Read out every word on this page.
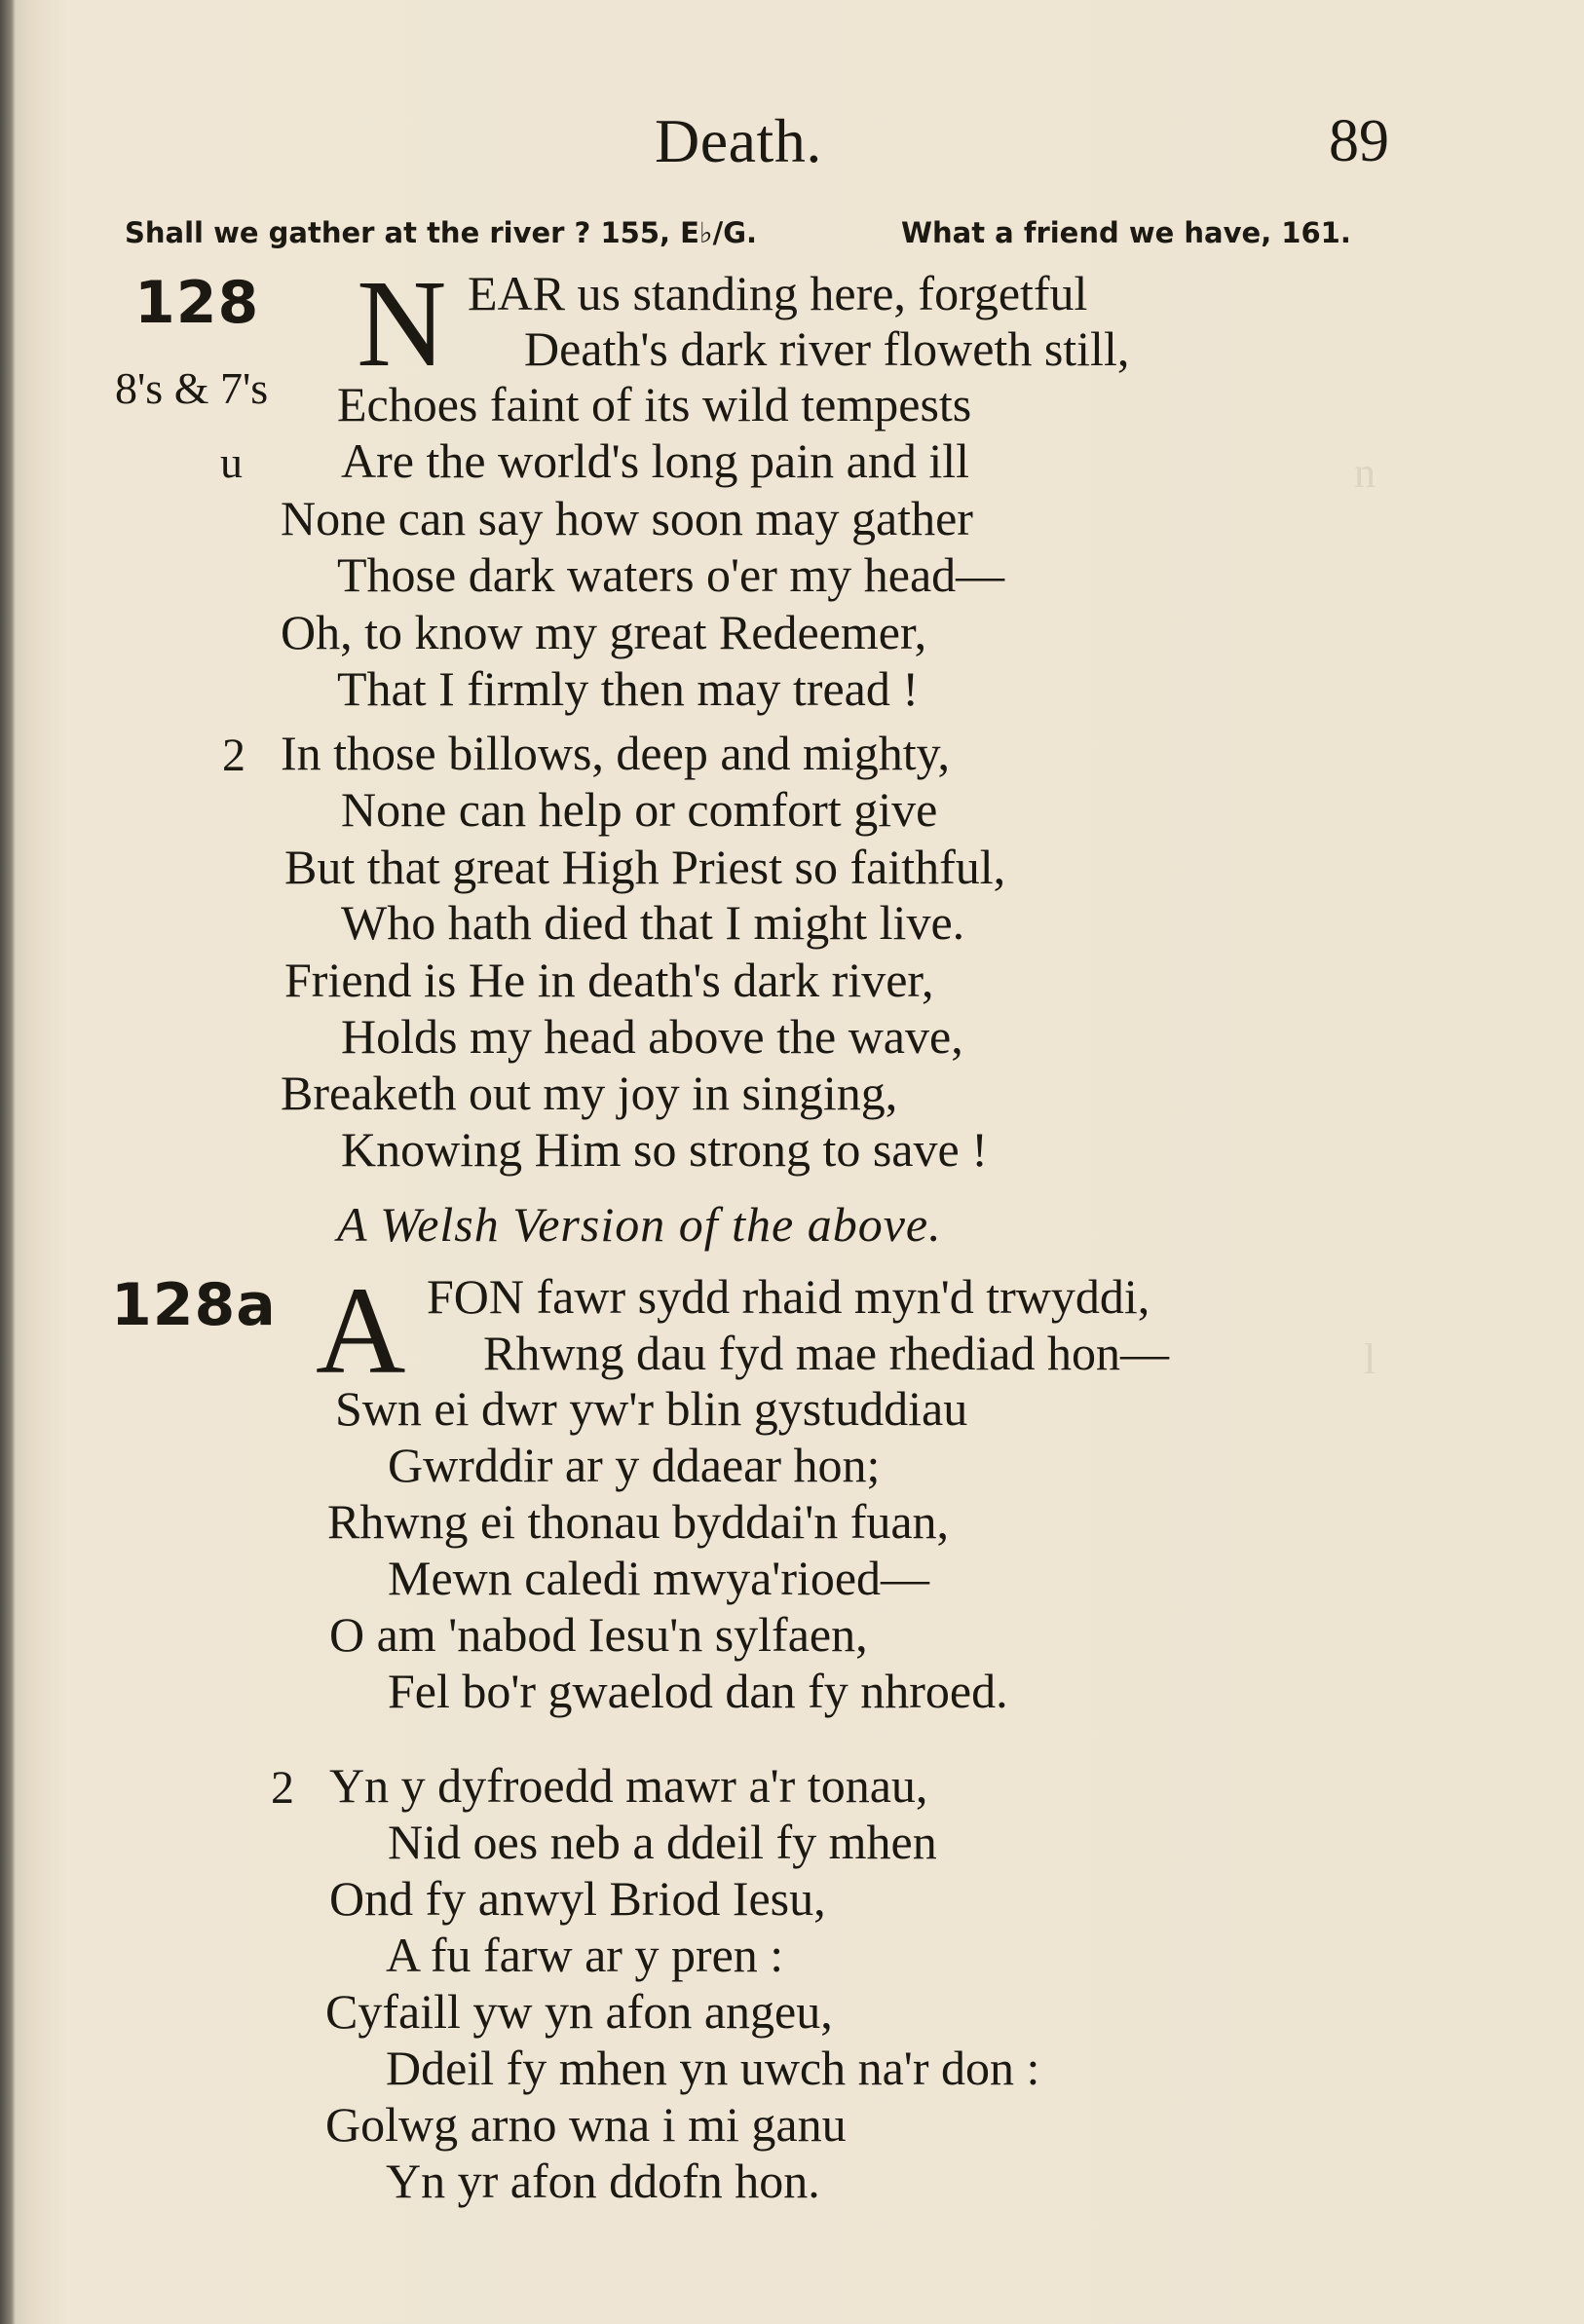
n
l
Death.	89
Shall we gather at the river ? 155, E♭/G.	What a friend we have, 161.
128
8's & 7's
u
N EAR us standing here, forgetful
Death's dark river floweth still,
Echoes faint of its wild tempests
Are the world's long pain and ill
None can say how soon may gather
Those dark waters o'er my head—
Oh, to know my great Redeemer,
That I firmly then may tread !
2 In those billows, deep and mighty,
None can help or comfort give
But that great High Priest so faithful,
Who hath died that I might live.
Friend is He in death's dark river,
Holds my head above the wave,
Breaketh out my joy in singing,
Knowing Him so strong to save !
A Welsh Version of the above.
128a A FON fawr sydd rhaid myn'd trwyddi,
Rhwng dau fyd mae rhediad hon—
Swn ei dwr yw'r blin gystuddiau
Gwrddir ar y ddaear hon;
Rhwng ei thonau byddai'n fuan,
Mewn caledi mwya'rioed—
O am 'nabod Iesu'n sylfaen,
Fel bo'r gwaelod dan fy nhroed.
2 Yn y dyfroedd mawr a'r tonau,
Nid oes neb a ddeil fy mhen
Ond fy anwyl Briod Iesu,
A fu farw ar y pren :
Cyfaill yw yn afon angeu,
Ddeil fy mhen yn uwch na'r don :
Golwg arno wna i mi ganu
Yn yr afon ddofn hon.
